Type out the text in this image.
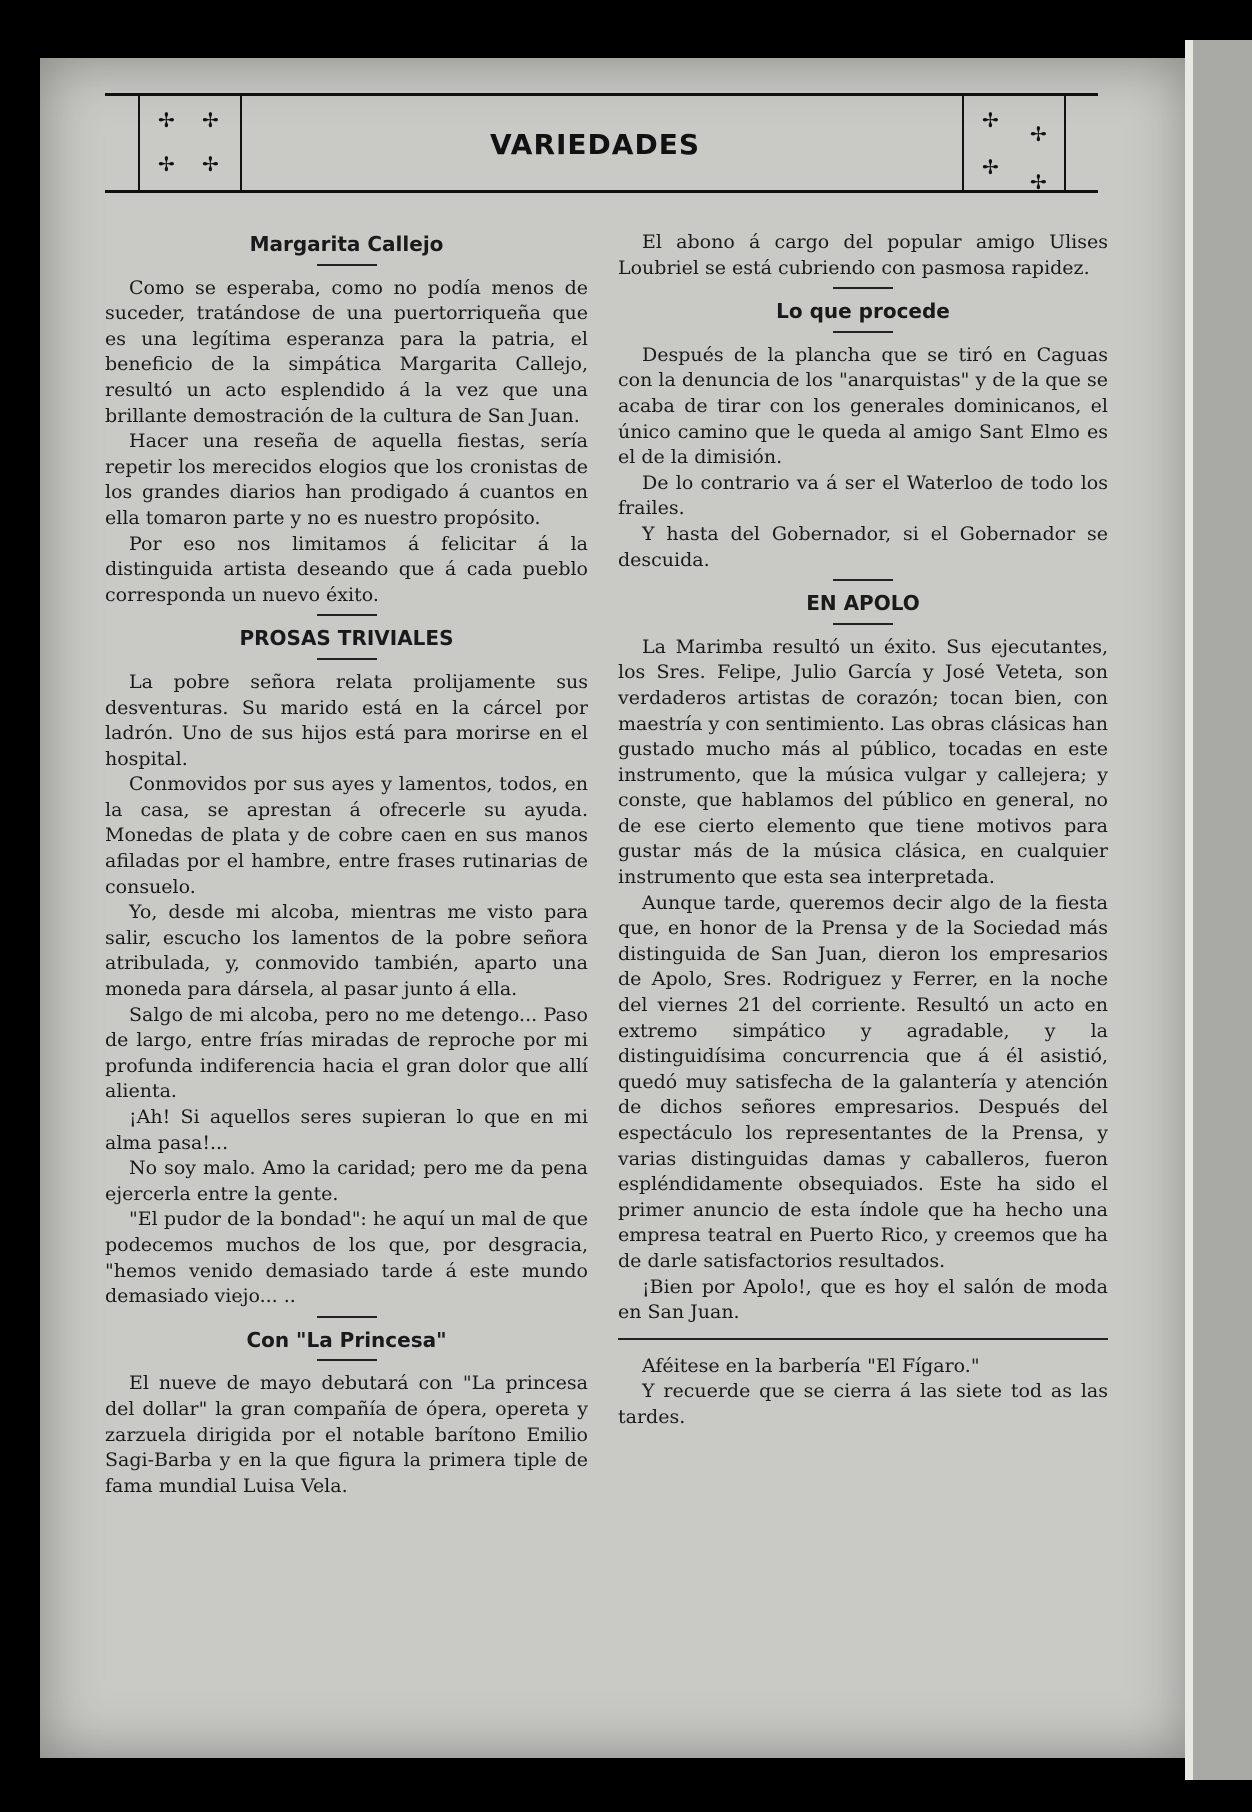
✢ ✢
✢ ✢
✢
✢
✢
✢
VARIEDADES
Margarita Callejo

Como se esperaba, como no podía menos de suceder, tratándose de una puertorriqueña que es una legítima esperanza para la patria, el beneficio de la simpática Margarita Callejo, resultó un acto esplendido á la vez que una brillante demostración de la cultura de San Juan.

Hacer una reseña de aquella fiestas, sería repetir los merecidos elogios que los cronistas de los grandes diarios han prodigado á cuantos en ella tomaron parte y no es nuestro propósito.

Por eso nos limitamos á felicitar á la distinguida artista deseando que á cada pueblo corresponda un nuevo éxito.

PROSAS TRIVIALES

La pobre señora relata prolijamente sus desventuras. Su marido está en la cárcel por ladrón. Uno de sus hijos está para morirse en el hospital.

Conmovidos por sus ayes y lamentos, todos, en la casa, se aprestan á ofrecerle su ayuda. Monedas de plata y de cobre caen en sus manos afiladas por el hambre, entre frases rutinarias de consuelo.

Yo, desde mi alcoba, mientras me visto para salir, escucho los lamentos de la pobre señora atribulada, y, conmovido también, aparto una moneda para dársela, al pasar junto á ella.

Salgo de mi alcoba, pero no me detengo... Paso de largo, entre frías miradas de reproche por mi profunda indiferencia hacia el gran dolor que allí alienta.

¡Ah! Si aquellos seres supieran lo que en mi alma pasa!...

No soy malo. Amo la caridad; pero me da pena ejercerla entre la gente.

"El pudor de la bondad": he aquí un mal de que podecemos muchos de los que, por desgracia, "hemos venido demasiado tarde á este mundo demasiado viejo... ..

Con "La Princesa"

El nueve de mayo debutará con "La princesa del dollar" la gran compañía de ópera, opereta y zarzuela dirigida por el notable barítono Emilio Sagi-Barba y en la que figura la primera tiple de fama mundial Luisa Vela.

El abono á cargo del popular amigo Ulises Loubriel se está cubriendo con pasmosa rapidez.

Lo que procede

Después de la plancha que se tiró en Caguas con la denuncia de los "anarquistas" y de la que se acaba de tirar con los generales dominicanos, el único camino que le queda al amigo Sant Elmo es el de la dimisión.

De lo contrario va á ser el Waterloo de todo los frailes.

Y hasta del Gobernador, si el Gobernador se descuida.

EN APOLO

La Marimba resultó un éxito. Sus ejecutantes, los Sres. Felipe, Julio García y José Veteta, son verdaderos artistas de corazón; tocan bien, con maestría y con sentimiento. Las obras clásicas han gustado mucho más al público, tocadas en este instrumento, que la música vulgar y callejera; y conste, que hablamos del público en general, no de ese cierto elemento que tiene motivos para gustar más de la música clásica, en cualquier instrumento que esta sea interpretada.

Aunque tarde, queremos decir algo de la fiesta que, en honor de la Prensa y de la Sociedad más distinguida de San Juan, dieron los empresarios de Apolo, Sres. Rodriguez y Ferrer, en la noche del viernes 21 del corriente. Resultó un acto en extremo simpático y agradable, y la distinguidísima concurrencia que á él asistió, quedó muy satisfecha de la galantería y atención de dichos señores empresarios. Después del espectáculo los representantes de la Prensa, y varias distinguidas damas y caballeros, fueron espléndidamente obsequiados. Este ha sido el primer anuncio de esta índole que ha hecho una empresa teatral en Puerto Rico, y creemos que ha de darle satisfactorios resultados.

¡Bien por Apolo!, que es hoy el salón de moda en San Juan.

Aféitese en la barbería "El Fígaro."

Y recuerde que se cierra á las siete tod as las tardes.
